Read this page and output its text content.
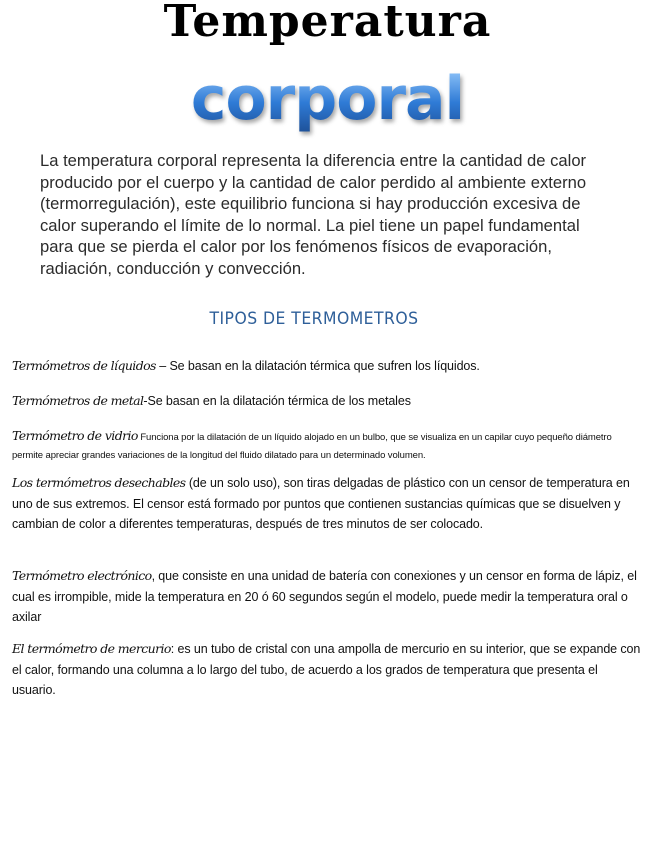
Temperatura
corporal

La temperatura corporal representa la diferencia entre la cantidad de calor producido por el cuerpo y la cantidad de calor perdido al ambiente externo (termorregulación), este equilibrio funciona si hay producción excesiva de calor superando el límite de lo normal. La piel tiene un papel fundamental para que se pierda el calor por los fenómenos físicos de evaporación, radiación, conducción y convección.

TIPOS DE TERMOMETROS

Termómetros de líquidos – Se basan en la dilatación térmica que sufren los líquidos.

Termómetros de metal-Se basan en la dilatación térmica de los metales

Termómetro de vidrio Funciona por la dilatación de un líquido alojado en un bulbo, que se visualiza en un capilar cuyo pequeño diámetro permite apreciar grandes variaciones de la longitud del fluido dilatado para un determinado volumen.

Los termómetros desechables (de un solo uso), son tiras delgadas de plástico con un censor de temperatura en uno de sus extremos. El censor está formado por puntos que contienen sustancias químicas que se disuelven y cambian de color a diferentes temperaturas, después de tres minutos de ser colocado.

Termómetro electrónico, que consiste en una unidad de batería con conexiones y un censor en forma de lápiz, el cual es irrompible, mide la temperatura en 20 ó 60 segundos según el modelo, puede medir la temperatura oral o axilar

El termómetro de mercurio: es un tubo de cristal con una ampolla de mercurio en su interior, que se expande con el calor, formando una columna a lo largo del tubo, de acuerdo a los grados de temperatura que presenta el usuario.
